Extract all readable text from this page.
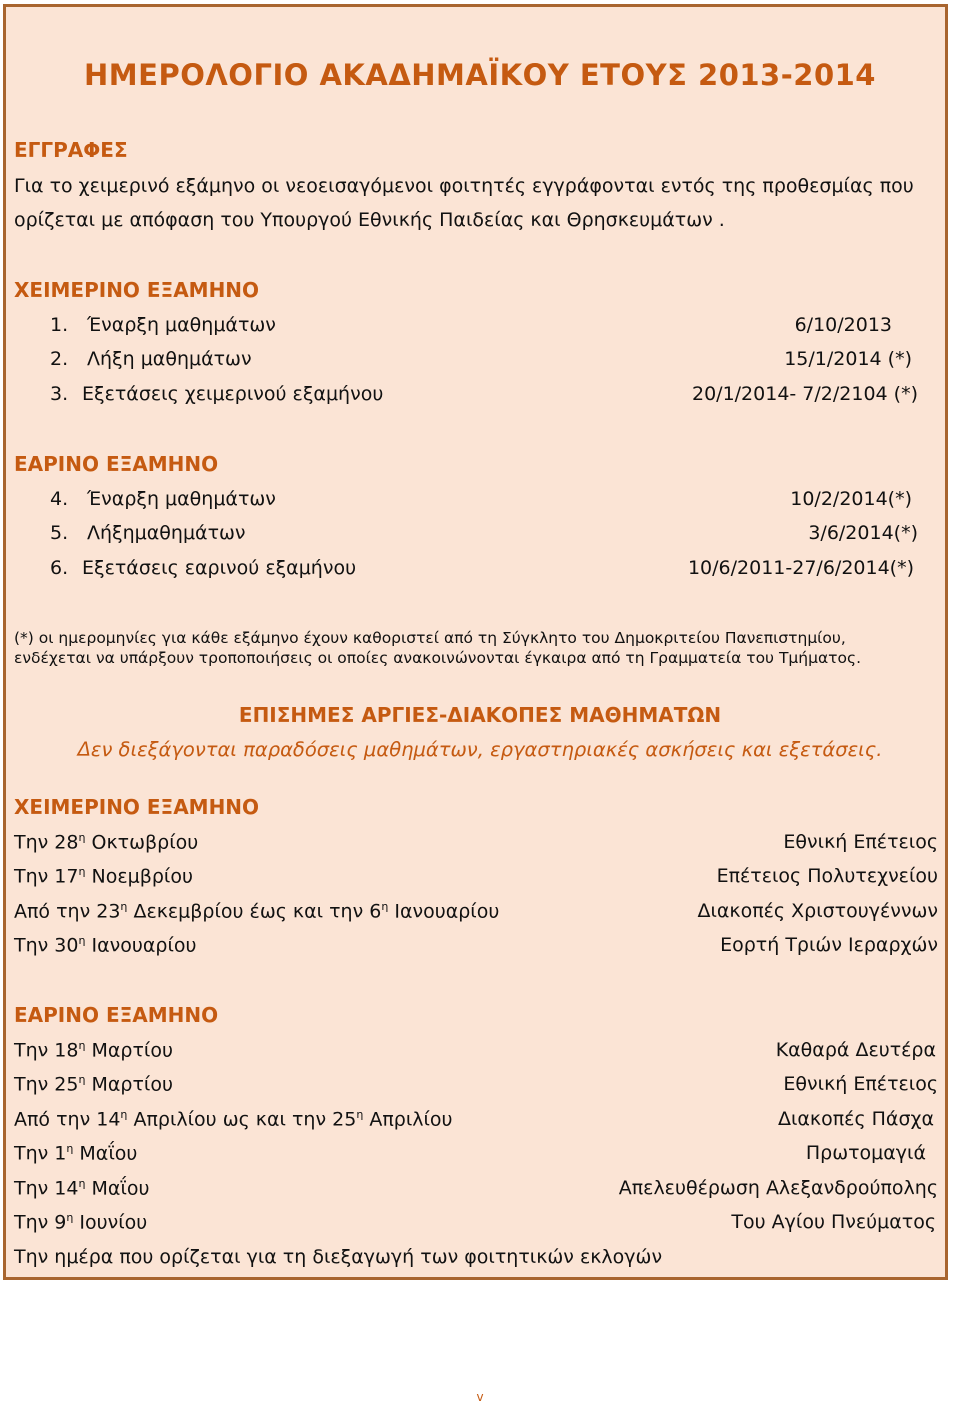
ΗΜΕΡΟΛΟΓΙΟ ΑΚΑΔΗΜΑΪΚΟΥ ΕΤΟΥΣ 2013-2014
ΕΓΓΡΑΦΕΣ
Για το χειμερινό εξάμηνο οι νεοεισαγόμενοι φοιτητές εγγράφονται εντός της προθεσμίας που
ορίζεται με απόφαση του Υπουργού Εθνικής Παιδείας και Θρησκευμάτων .
ΧΕΙΜΕΡΙΝΟ ΕΞΑΜΗΝΟ
1. Έναρξη μαθημάτων	6/10/2013
2. Λήξη μαθημάτων	15/1/2014 (*)
3. Εξετάσεις χειμερινού εξαμήνου	20/1/2014- 7/2/2104 (*)
ΕΑΡΙΝΟ ΕΞΑΜΗΝΟ
4. Έναρξη μαθημάτων	10/2/2014(*)
5. Λήξημαθημάτων	3/6/2014(*)
6. Εξετάσεις εαρινού εξαμήνου	10/6/2011-27/6/2014(*)
(*) οι ημερομηνίες για κάθε εξάμηνο έχουν καθοριστεί από τη Σύγκλητο του Δημοκριτείου Πανεπιστημίου,
ενδέχεται να υπάρξουν τροποποιήσεις οι οποίες ανακοινώνονται έγκαιρα από τη Γραμματεία του Τμήματος.
ΕΠΙΣΗΜΕΣ ΑΡΓΙΕΣ-ΔΙΑΚΟΠΕΣ ΜΑΘΗΜΑΤΩΝ
Δεν διεξάγονται παραδόσεις μαθημάτων, εργαστηριακές ασκήσεις και εξετάσεις.
ΧΕΙΜΕΡΙΝΟ ΕΞΑΜΗΝΟ
Την $28^\eta$ Οκτωβρίου	Εθνική Επέτειος
Την $17^\eta$ Νοεμβρίου	Επέτειος Πολυτεχνείου
Από την $23^\eta$ Δεκεμβρίου έως και την $6^\eta$ Ιανουαρίου	Διακοπές Χριστουγέννων
Την $30^\eta$ Ιανουαρίου	Εορτή Τριών Ιεραρχών
ΕΑΡΙΝΟ ΕΞΑΜΗΝΟ
Την $18^\eta$ Μαρτίου	Καθαρά Δευτέρα
Την $25^\eta$ Μαρτίου	Εθνική Επέτειος
Από την $14^\eta$ Απριλίου ως και την $25^\eta$ Απριλίου	Διακοπές Πάσχα
Την $1^\eta$ Μαΐου	Πρωτομαγιά
Την $14^\eta$ Μαΐου	Απελευθέρωση Αλεξανδρούπολης
Την $9^\eta$ Ιουνίου	Του Αγίου Πνεύματος
Την ημέρα που ορίζεται για τη διεξαγωγή των φοιτητικών εκλογών
v
